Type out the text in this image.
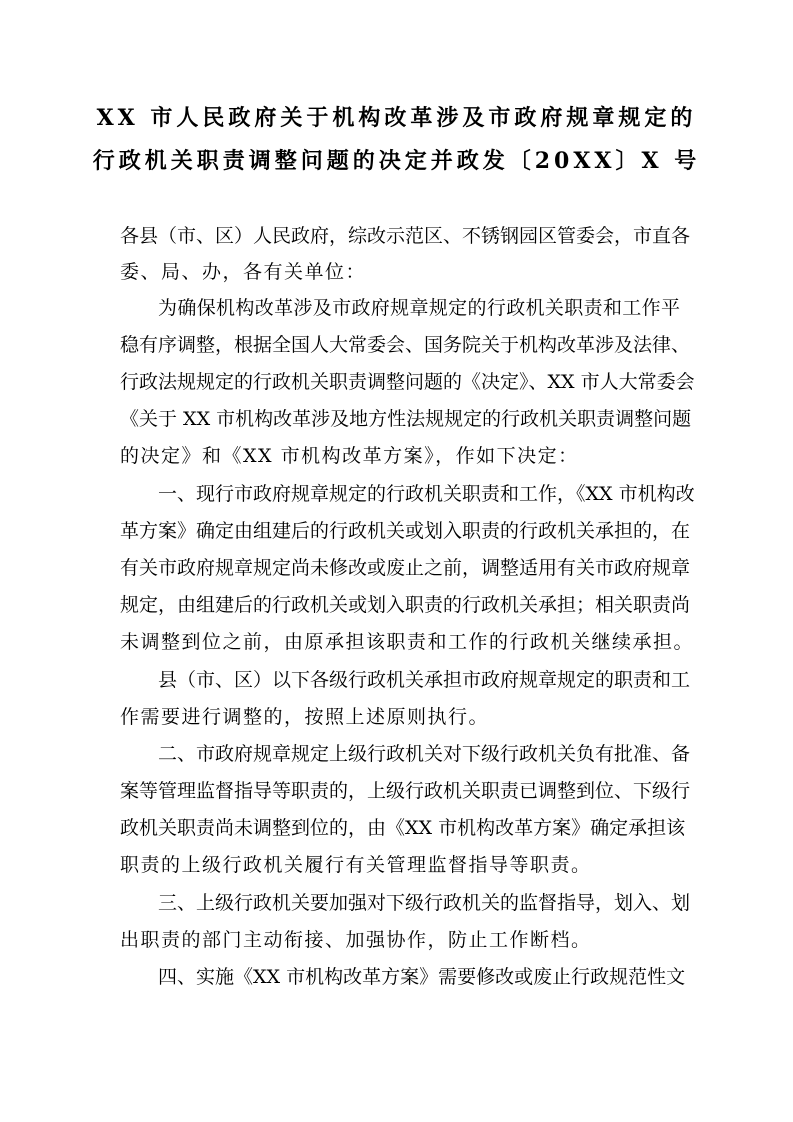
XX 市人民政府关于机构改革涉及市政府规章规定的
行政机关职责调整问题的决定并政发〔20XX〕X 号
各县（市、区）人民政府，综改示范区、不锈钢园区管委会，市直各
委、局、办，各有关单位：
为确保机构改革涉及市政府规章规定的行政机关职责和工作平
稳有序调整，根据全国人大常委会、国务院关于机构改革涉及法律、
行政法规规定的行政机关职责调整问题的《决定》、XX 市人大常委会
《关于 XX 市机构改革涉及地方性法规规定的行政机关职责调整问题
的决定》和《XX 市机构改革方案》，作如下决定：
一、现行市政府规章规定的行政机关职责和工作，《XX 市机构改
革方案》确定由组建后的行政机关或划入职责的行政机关承担的，在
有关市政府规章规定尚未修改或废止之前，调整适用有关市政府规章
规定，由组建后的行政机关或划入职责的行政机关承担；相关职责尚
未调整到位之前，由原承担该职责和工作的行政机关继续承担。
县（市、区）以下各级行政机关承担市政府规章规定的职责和工
作需要进行调整的，按照上述原则执行。
二、市政府规章规定上级行政机关对下级行政机关负有批准、备
案等管理监督指导等职责的，上级行政机关职责已调整到位、下级行
政机关职责尚未调整到位的，由《XX 市机构改革方案》确定承担该
职责的上级行政机关履行有关管理监督指导等职责。
三、上级行政机关要加强对下级行政机关的监督指导，划入、划
出职责的部门主动衔接、加强协作，防止工作断档。
四、实施《XX 市机构改革方案》需要修改或废止行政规范性文
